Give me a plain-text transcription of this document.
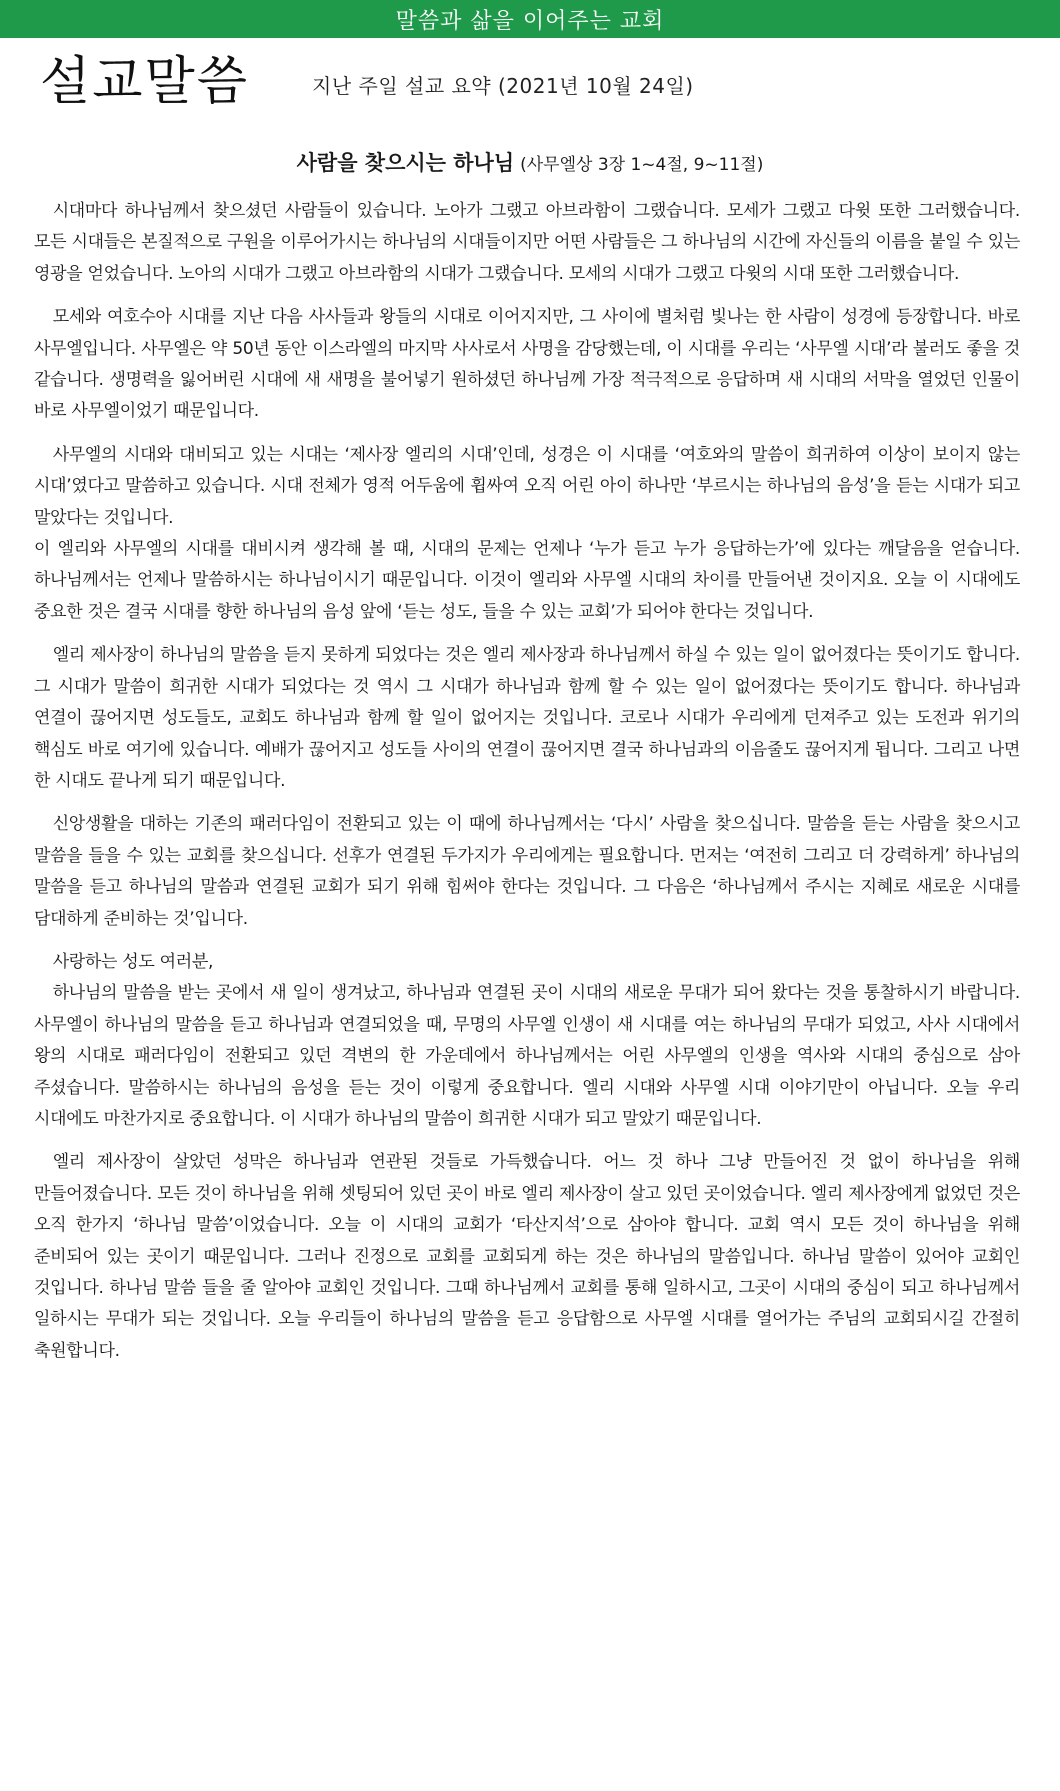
말씀과 삶을 이어주는 교회
설교말씀	지난 주일 설교 요약 (2021년 10월 24일)
사람을 찾으시는 하나님 (사무엘상 3장 1~4절, 9~11절)

시대마다 하나님께서 찾으셨던 사람들이 있습니다. 노아가 그랬고 아브라함이 그랬습니다. 모세가 그랬고 다윗 또한 그러했습니다. 모든 시대들은 본질적으로 구원을 이루어가시는 하나님의 시대들이지만 어떤 사람들은 그 하나님의 시간에 자신들의 이름을 붙일 수 있는 영광을 얻었습니다. 노아의 시대가 그랬고 아브라함의 시대가 그랬습니다. 모세의 시대가 그랬고 다윗의 시대 또한 그러했습니다.

모세와 여호수아 시대를 지난 다음 사사들과 왕들의 시대로 이어지지만, 그 사이에 별처럼 빛나는 한 사람이 성경에 등장합니다. 바로 사무엘입니다. 사무엘은 약 50년 동안 이스라엘의 마지막 사사로서 사명을 감당했는데, 이 시대를 우리는 ‘사무엘 시대’라 불러도 좋을 것 같습니다. 생명력을 잃어버린 시대에 새 새명을 불어넣기 원하셨던 하나님께 가장 적극적으로 응답하며 새 시대의 서막을 열었던 인물이 바로 사무엘이었기 때문입니다.

사무엘의 시대와 대비되고 있는 시대는 ‘제사장 엘리의 시대’인데, 성경은 이 시대를 ‘여호와의 말씀이 희귀하여 이상이 보이지 않는 시대’였다고 말씀하고 있습니다. 시대 전체가 영적 어두움에 휩싸여 오직 어린 아이 하나만 ‘부르시는 하나님의 음성’을 듣는 시대가 되고 말았다는 것입니다.

이 엘리와 사무엘의 시대를 대비시켜 생각해 볼 때, 시대의 문제는 언제나 ‘누가 듣고 누가 응답하는가’에 있다는 깨달음을 얻습니다. 하나님께서는 언제나 말씀하시는 하나님이시기 때문입니다. 이것이 엘리와 사무엘 시대의 차이를 만들어낸 것이지요. 오늘 이 시대에도 중요한 것은 결국 시대를 향한 하나님의 음성 앞에 ‘듣는 성도, 들을 수 있는 교회’가 되어야 한다는 것입니다.

엘리 제사장이 하나님의 말씀을 듣지 못하게 되었다는 것은 엘리 제사장과 하나님께서 하실 수 있는 일이 없어졌다는 뜻이기도 합니다. 그 시대가 말씀이 희귀한 시대가 되었다는 것 역시 그 시대가 하나님과 함께 할 수 있는 일이 없어졌다는 뜻이기도 합니다. 하나님과 연결이 끊어지면 성도들도, 교회도 하나님과 함께 할 일이 없어지는 것입니다. 코로나 시대가 우리에게 던져주고 있는 도전과 위기의 핵심도 바로 여기에 있습니다. 예배가 끊어지고 성도들 사이의 연결이 끊어지면 결국 하나님과의 이음줄도 끊어지게 됩니다. 그리고 나면 한 시대도 끝나게 되기 때문입니다.

신앙생활을 대하는 기존의 패러다임이 전환되고 있는 이 때에 하나님께서는 ‘다시’ 사람을 찾으십니다. 말씀을 듣는 사람을 찾으시고 말씀을 들을 수 있는 교회를 찾으십니다. 선후가 연결된 두가지가 우리에게는 필요합니다. 먼저는 ‘여전히 그리고 더 강력하게’ 하나님의 말씀을 듣고 하나님의 말씀과 연결된 교회가 되기 위해 힘써야 한다는 것입니다. 그 다음은 ‘하나님께서 주시는 지혜로 새로운 시대를 담대하게 준비하는 것’입니다.

사랑하는 성도 여러분,

하나님의 말씀을 받는 곳에서 새 일이 생겨났고, 하나님과 연결된 곳이 시대의 새로운 무대가 되어 왔다는 것을 통찰하시기 바랍니다. 사무엘이 하나님의 말씀을 듣고 하나님과 연결되었을 때, 무명의 사무엘 인생이 새 시대를 여는 하나님의 무대가 되었고, 사사 시대에서 왕의 시대로 패러다임이 전환되고 있던 격변의 한 가운데에서 하나님께서는 어린 사무엘의 인생을 역사와 시대의 중심으로 삼아 주셨습니다. 말씀하시는 하나님의 음성을 듣는 것이 이렇게 중요합니다. 엘리 시대와 사무엘 시대 이야기만이 아닙니다. 오늘 우리 시대에도 마찬가지로 중요합니다. 이 시대가 하나님의 말씀이 희귀한 시대가 되고 말았기 때문입니다.

엘리 제사장이 살았던 성막은 하나님과 연관된 것들로 가득했습니다. 어느 것 하나 그냥 만들어진 것 없이 하나님을 위해 만들어졌습니다. 모든 것이 하나님을 위해 셋팅되어 있던 곳이 바로 엘리 제사장이 살고 있던 곳이었습니다. 엘리 제사장에게 없었던 것은 오직 한가지 ‘하나님 말씀’이었습니다. 오늘 이 시대의 교회가 ‘타산지석’으로 삼아야 합니다. 교회 역시 모든 것이 하나님을 위해 준비되어 있는 곳이기 때문입니다. 그러나 진정으로 교회를 교회되게 하는 것은 하나님의 말씀입니다. 하나님 말씀이 있어야 교회인 것입니다. 하나님 말씀 들을 줄 알아야 교회인 것입니다. 그때 하나님께서 교회를 통해 일하시고, 그곳이 시대의 중심이 되고 하나님께서 일하시는 무대가 되는 것입니다. 오늘 우리들이 하나님의 말씀을 듣고 응답함으로 사무엘 시대를 열어가는 주님의 교회되시길 간절히 축원합니다.
